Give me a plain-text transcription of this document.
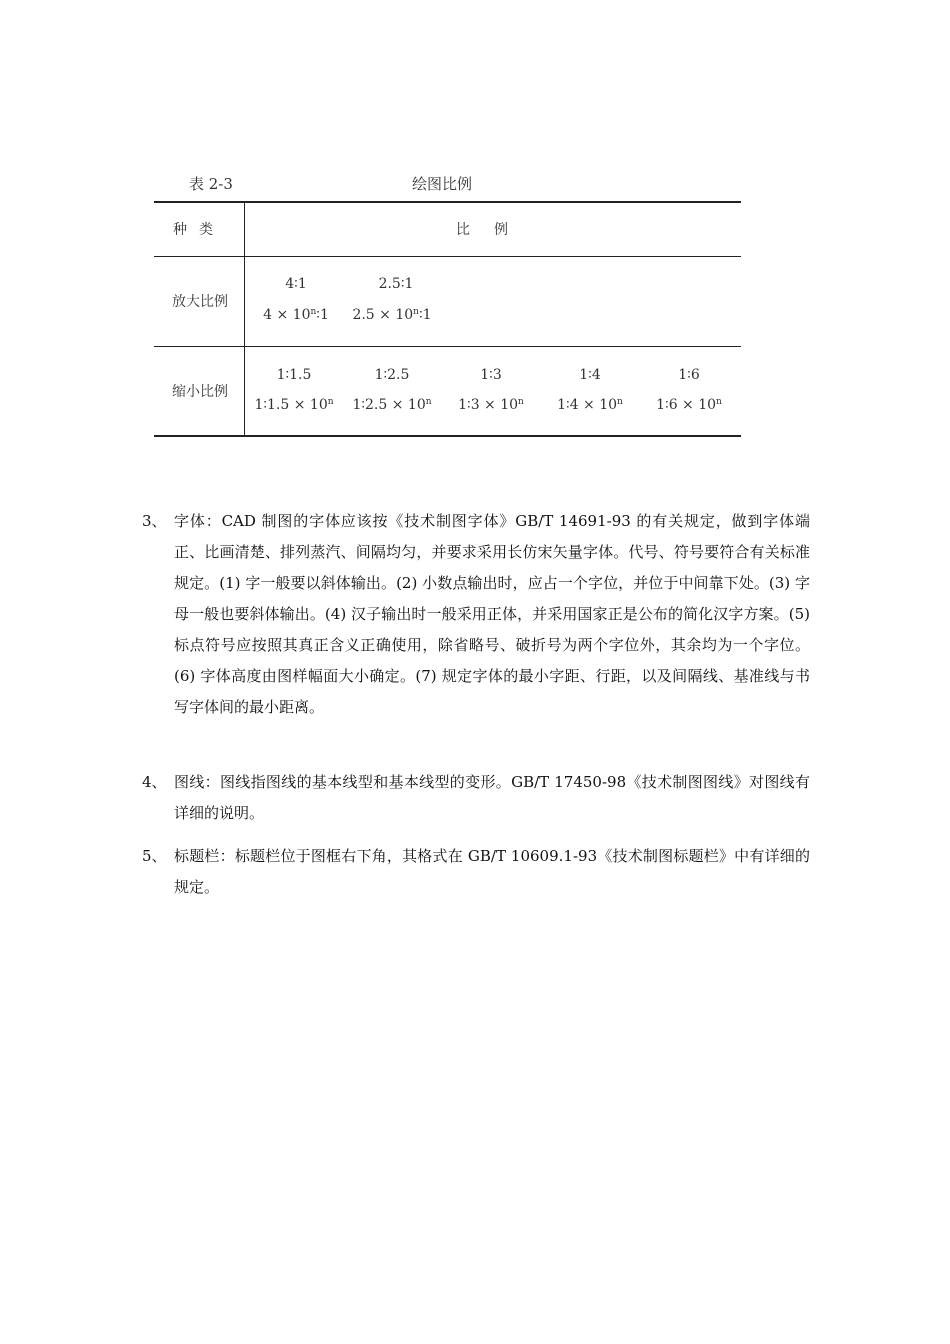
表 2-3	绘图比例
种类	比例
放大比例
4∶1
$4 \times 10^n∶1$
2.5∶1
$2.5 \times 10^n∶1$
缩小比例
1∶1.5
1∶1.5 × $10^n$
1∶2.5
1∶2.5 × $10^n$
1∶3
1∶3 × $10^n$
1∶4
1∶4 × $10^n$
1∶6
1∶6 × $10^n$
3、 字体：CAD 制图的字体应该按《技术制图字体》GB/T 14691-93 的有关规定，做到字体端正、比画清楚、排列蒸汽、间隔均匀，并要求采用长仿宋矢量字体。代号、符号要符合有关标准规定。(1) 字一般要以斜体输出。(2) 小数点输出时，应占一个字位，并位于中间靠下处。(3) 字母一般也要斜体输出。(4) 汉子输出时一般采用正体，并采用国家正是公布的简化汉字方案。(5) 标点符号应按照其真正含义正确使用，除省略号、破折号为两个字位外，其余均为一个字位。(6) 字体高度由图样幅面大小确定。(7) 规定字体的最小字距、行距，以及间隔线、基准线与书写字体间的最小距离。
4、 图线：图线指图线的基本线型和基本线型的变形。GB/T 17450-98《技术制图图线》对图线有详细的说明。
5、 标题栏：标题栏位于图框右下角，其格式在 GB/T 10609.1-93《技术制图标题栏》中有详细的规定。
